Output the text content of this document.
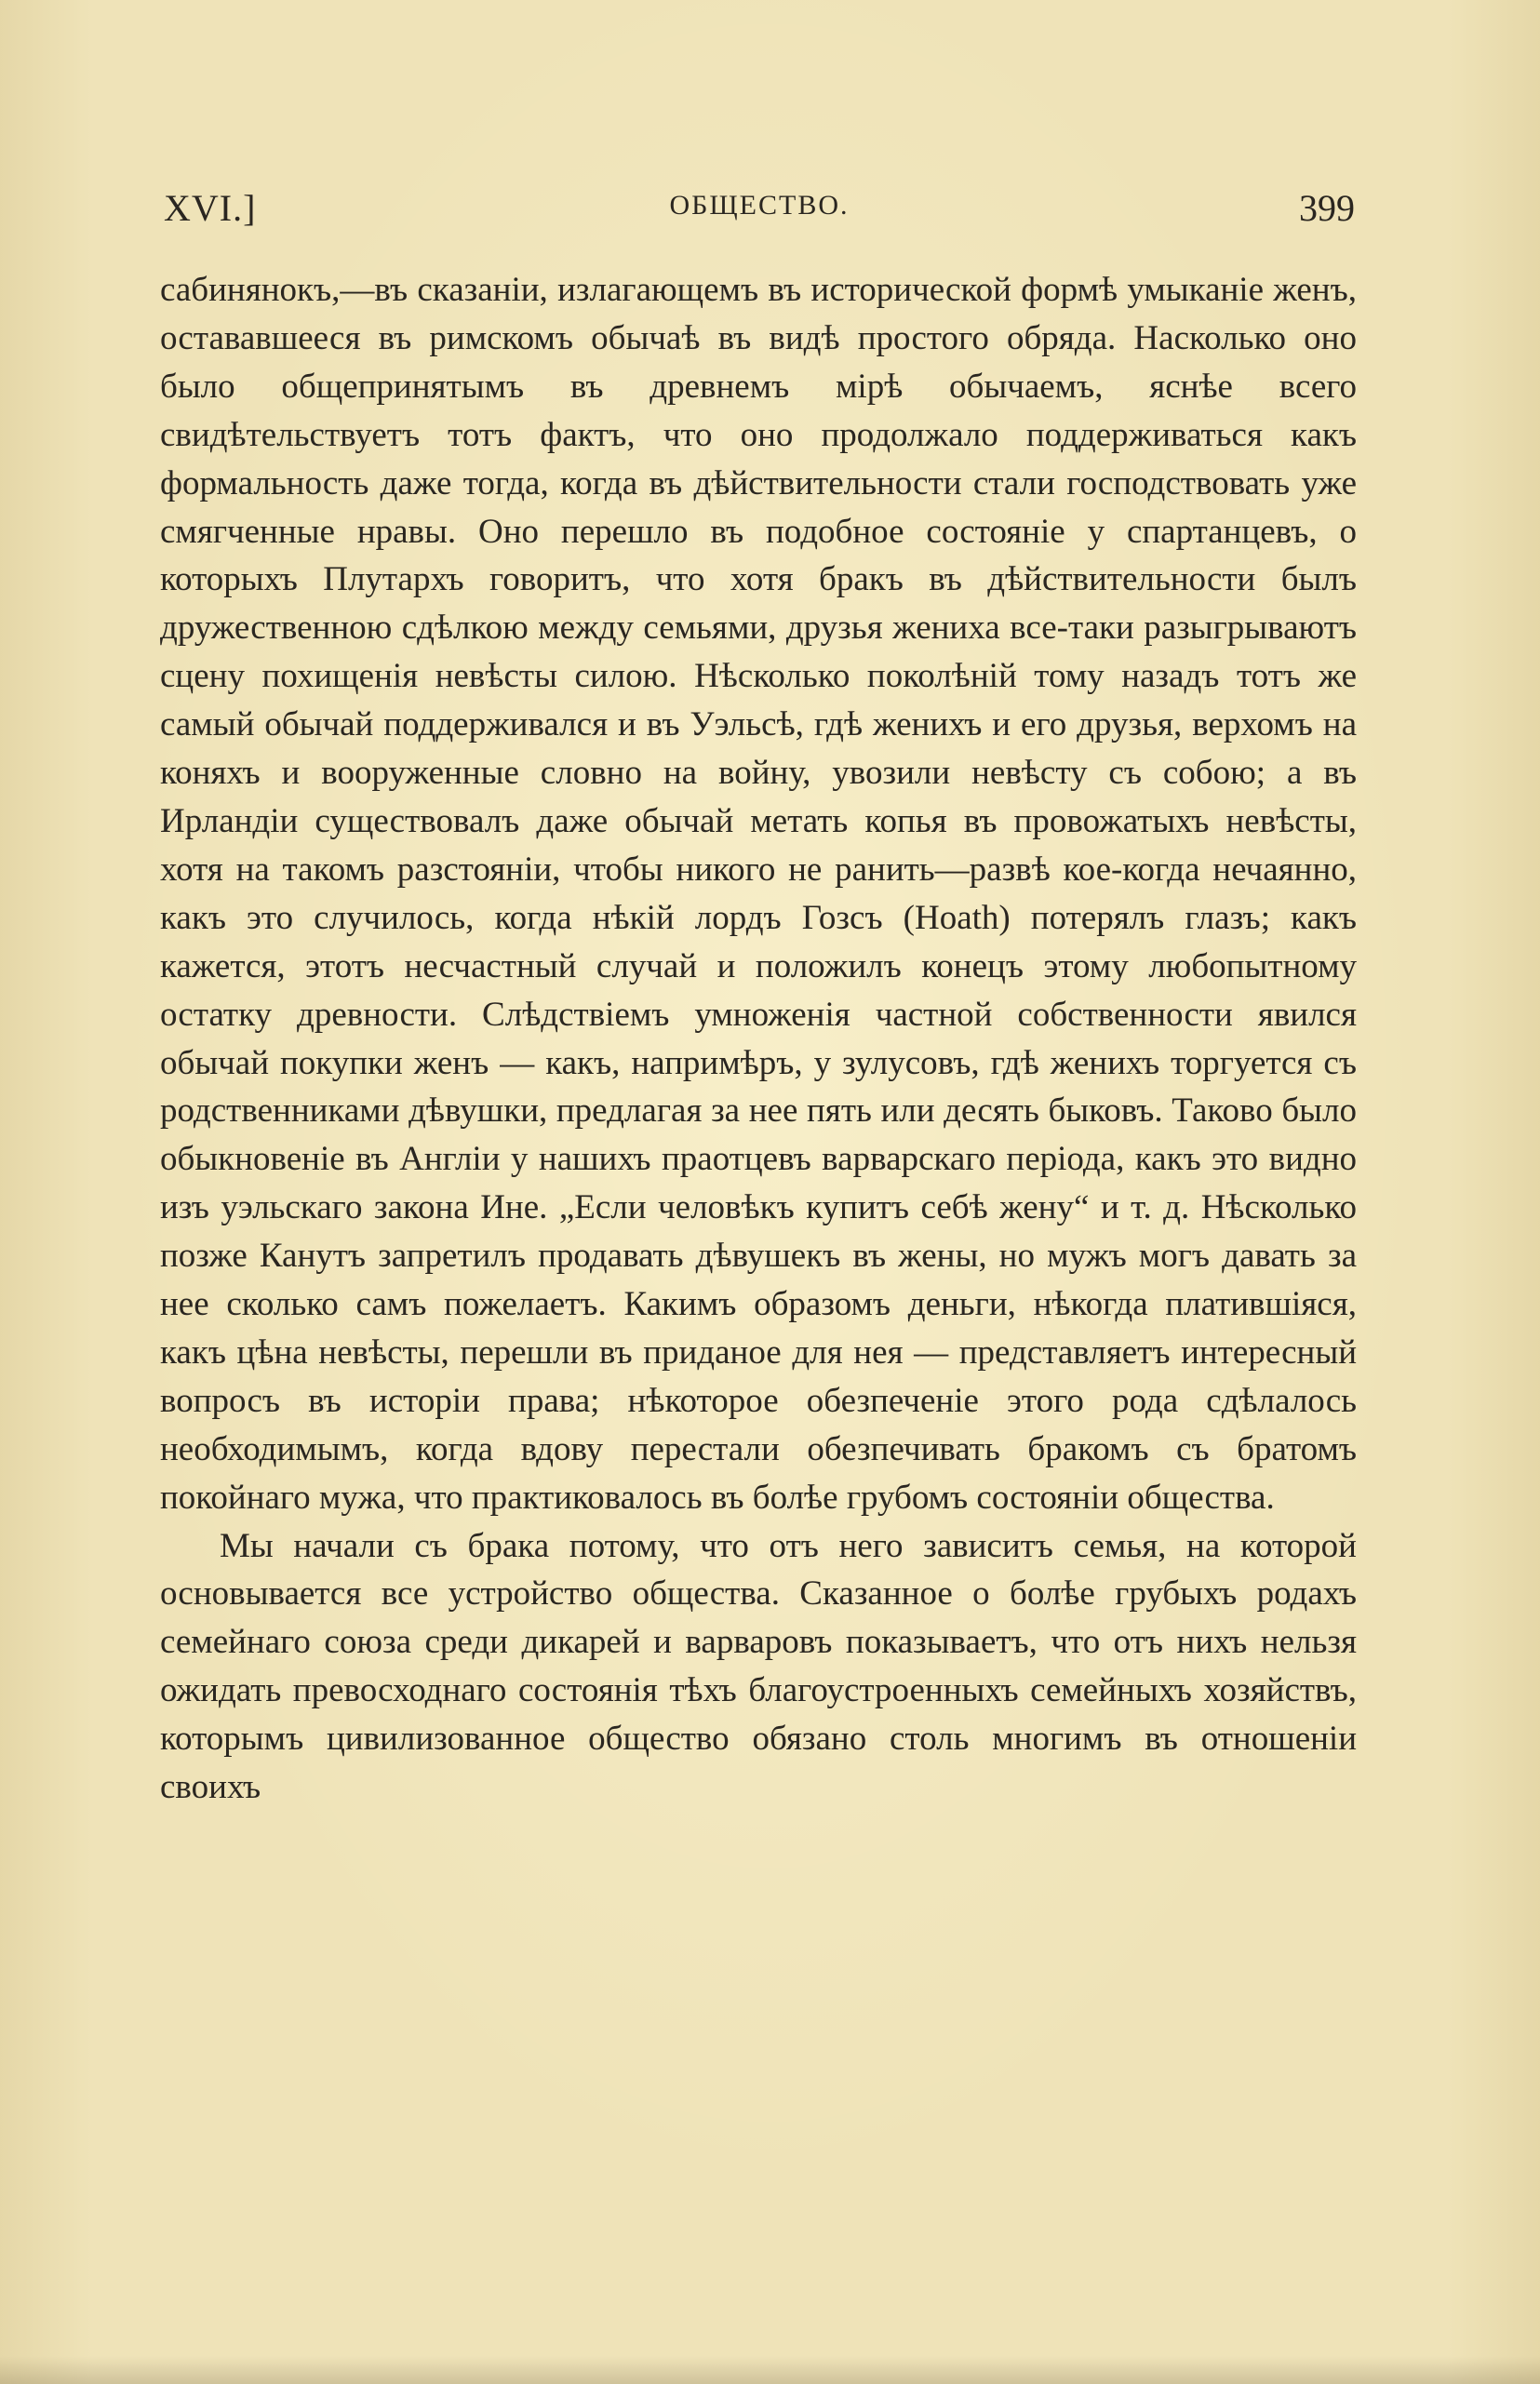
XVI.]	ОБЩЕСТВО.	399

сабинянокъ,—въ сказанiи, излагающемъ въ исторической формѣ умыканiе женъ, остававшееся въ римскомъ обычаѣ въ видѣ простого обряда. Насколько оно было общепринятымъ въ древнемъ мiрѣ обычаемъ, яснѣе всего свидѣтельствуетъ тотъ фактъ, что оно продолжало поддерживаться какъ формальность даже тогда, когда въ дѣйствительности стали господствовать уже смягченные нравы. Оно перешло въ подобное состоянiе у спартанцевъ, о которыхъ Плутархъ говоритъ, что хотя бракъ въ дѣйствительности былъ дружественною сдѣлкою между семьями, друзья жениха все-таки разыгрываютъ сцену похищенiя невѣсты силою. Нѣсколько поколѣнiй тому назадъ тотъ же самый обычай поддерживался и въ Уэльсѣ, гдѣ женихъ и его друзья, верхомъ на коняхъ и вооруженные словно на войну, увозили невѣсту съ собою; а въ Ирландiи существовалъ даже обычай метать копья въ провожатыхъ невѣсты, хотя на такомъ разстоянiи, чтобы никого не ранить—развѣ кое-когда нечаянно, какъ это случилось, когда нѣкiй лордъ Гозсъ (Hoath) потерялъ глазъ; какъ кажется, этотъ несчастный случай и положилъ конецъ этому любопытному остатку древности. Слѣдствiемъ умноженiя частной собственности явился обычай покупки женъ — какъ, напримѣръ, у зулусовъ, гдѣ женихъ торгуется съ родственниками дѣвушки, предлагая за нее пять или десять быковъ. Таково было обыкновенiе въ Англiи у нашихъ праотцевъ варварскаго перiода, какъ это видно изъ уэльскаго закона Ине. „Если человѣкъ купитъ себѣ жену“ и т. д. Нѣсколько позже Канутъ запретилъ продавать дѣвушекъ въ жены, но мужъ могъ давать за нее сколько самъ пожелаетъ. Какимъ образомъ деньги, нѣкогда платившiяся, какъ цѣна невѣсты, перешли въ приданое для нея — представляетъ интересный вопросъ въ исторiи права; нѣкоторое обезпеченiе этого рода сдѣлалось необходимымъ, когда вдову перестали обезпечивать бракомъ съ братомъ покойнаго мужа, что практиковалось въ болѣе грубомъ состоянiи общества.

Мы начали съ брака потому, что отъ него зависитъ семья, на которой основывается все устройство общества. Сказанное о болѣе грубыхъ родахъ семейнаго союза среди дикарей и варваровъ показываетъ, что отъ нихъ нельзя ожидать превосходнаго состоянiя тѣхъ благоустроенныхъ семейныхъ хозяйствъ, которымъ цивилизованное общество обязано столь многимъ въ отношенiи своихъ
